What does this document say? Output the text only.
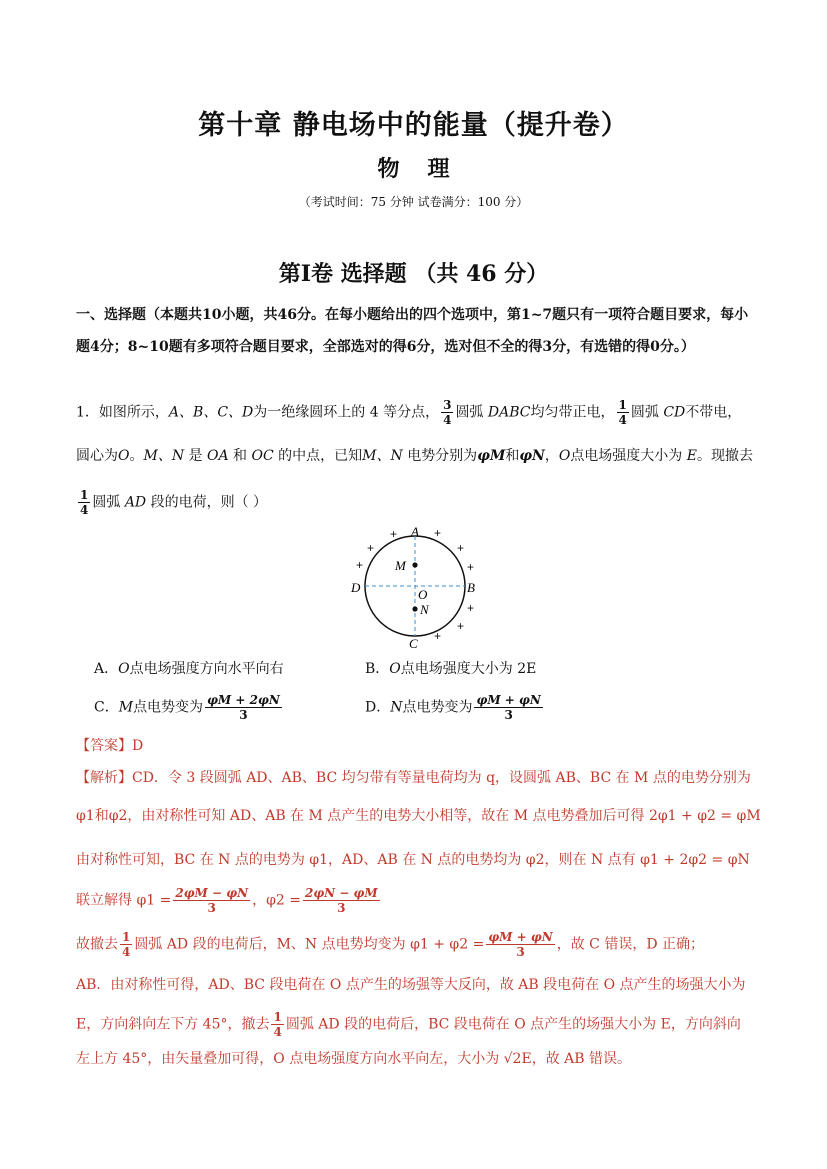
第十章 静电场中的能量（提升卷）
物理
（考试时间：75 分钟 试卷满分：100 分）
第Ⅰ卷 选择题 （共 46 分）
一、选择题（本题共10小题，共46分。在每小题给出的四个选项中，第1~7题只有一项符合题目要求，每小题4分；8~10题有多项符合题目要求，全部选对的得6分，选对但不全的得3分，有选错的得0分。）
1．如图所示，A、B、C、D为一绝缘圆环上的 4 等分点， $\frac{3}{4}$ 圆弧 DABC均匀带正电， $\frac{1}{4}$ 圆弧 CD不带电，
圆心为O。M、N 是 OA 和 OC 的中点，已知M、N 电势分别为φM和φN，O点电场强度大小为 E。现撤去
$\frac{1}{4}$ 圆弧 AD 段的电荷，则（ ）
A
B
C
D	O
M
N
+	+
+	+
+	+
+
+
+
A．O点电场强度方向水平向右	B．O点电场强度大小为 2E
C．M点电势变为 $\frac{\varphi M + 2\varphi N}{3}$	D．N点电势变为 $\frac{\varphi M + \varphi N}{3}$
【答案】D
【解析】CD．令 3 段圆弧 AD、AB、BC 均匀带有等量电荷均为 q，设圆弧 AB、BC 在 M 点的电势分别为
φ1和φ2，由对称性可知 AD、AB 在 M 点产生的电势大小相等，故在 M 点电势叠加后可得 2φ1 + φ2 = φM
由对称性可知，BC 在 N 点的电势为 φ1，AD、AB 在 N 点的电势均为 φ2，则在 N 点有 φ1 + 2φ2 = φN
联立解得 $\varphi 1 = \frac{2\varphi M - \varphi N}{3}$ ，$\varphi 2 = \frac{2\varphi N - \varphi M}{3}$
故撤去 $\frac{1}{4}$ 圆弧 AD 段的电荷后，M、N 点电势均变为 $\varphi 1 + \varphi 2 = \frac{\varphi M + \varphi N}{3}$ ，故 C 错误，D 正确；
AB．由对称性可得，AD、BC 段电荷在 O 点产生的场强等大反向，故 AB 段电荷在 O 点产生的场强大小为
E，方向斜向左下方 45°，撤去 $\frac{1}{4}$ 圆弧 AD 段的电荷后，BC 段电荷在 O 点产生的场强大小为 E，方向斜向
左上方 45°，由矢量叠加可得，O 点电场强度方向水平向左，大小为 √2E，故 AB 错误。
